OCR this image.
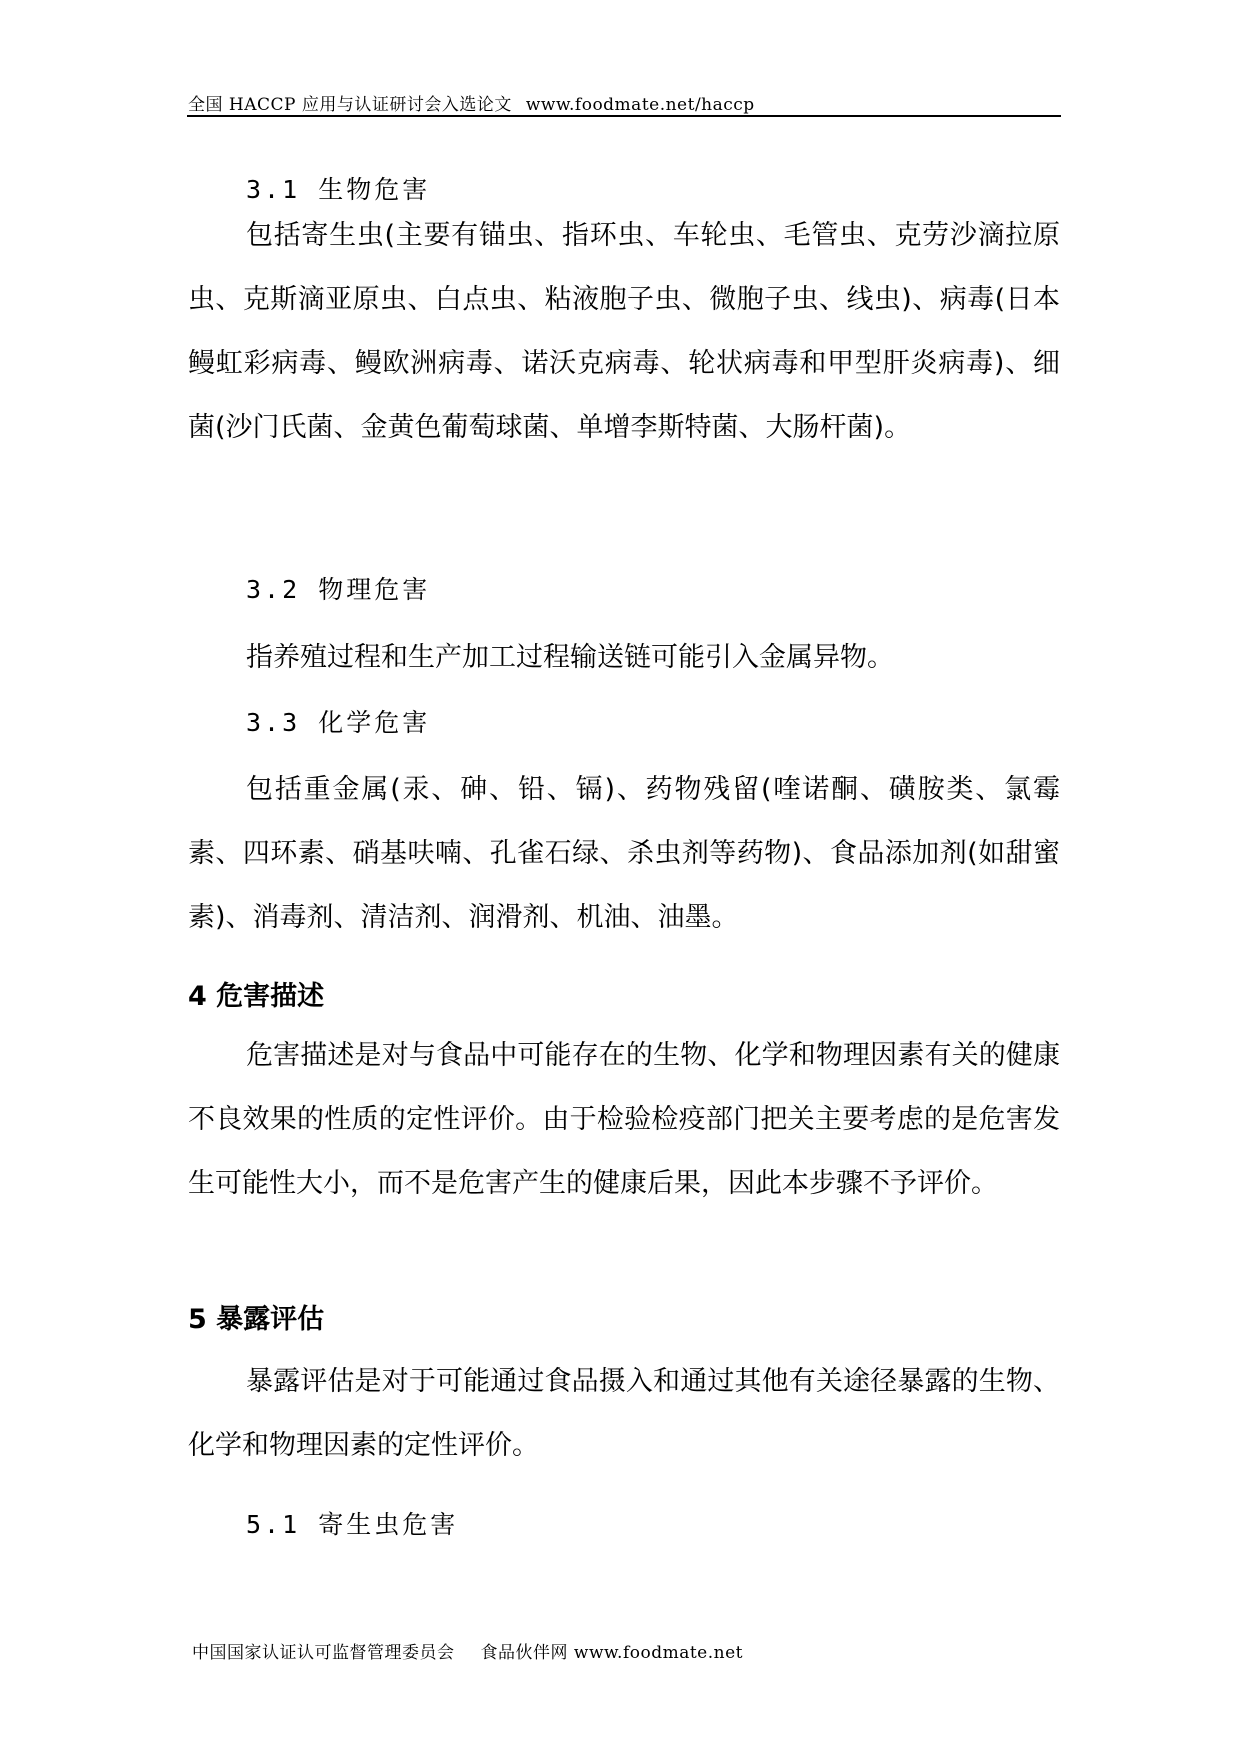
全国 HACCP 应用与认证研讨会入选论文 www.foodmate.net/haccp
3.1 生物危害

包括寄生虫(主要有锚虫、指环虫、车轮虫、毛管虫、克劳沙滴拉原虫、克斯滴亚原虫、白点虫、粘液胞子虫、微胞子虫、线虫)、病毒(日本鳗虹彩病毒、鳗欧洲病毒、诺沃克病毒、轮状病毒和甲型肝炎病毒)、细菌(沙门氏菌、金黄色葡萄球菌、单增李斯特菌、大肠杆菌)。

3.2 物理危害

指养殖过程和生产加工过程输送链可能引入金属异物。

3.3 化学危害

包括重金属(汞、砷、铅、镉)、药物残留(喹诺酮、磺胺类、氯霉素、四环素、硝基呋喃、孔雀石绿、杀虫剂等药物)、食品添加剂(如甜蜜素)、消毒剂、清洁剂、润滑剂、机油、油墨。

4 危害描述

危害描述是对与食品中可能存在的生物、化学和物理因素有关的健康不良效果的性质的定性评价。由于检验检疫部门把关主要考虑的是危害发生可能性大小，而不是危害产生的健康后果，因此本步骤不予评价。

5 暴露评估

暴露评估是对于可能通过食品摄入和通过其他有关途径暴露的生物、化学和物理因素的定性评价。

5.1 寄生虫危害
中国国家认证认可监督管理委员会 食品伙伴网 www.foodmate.net
